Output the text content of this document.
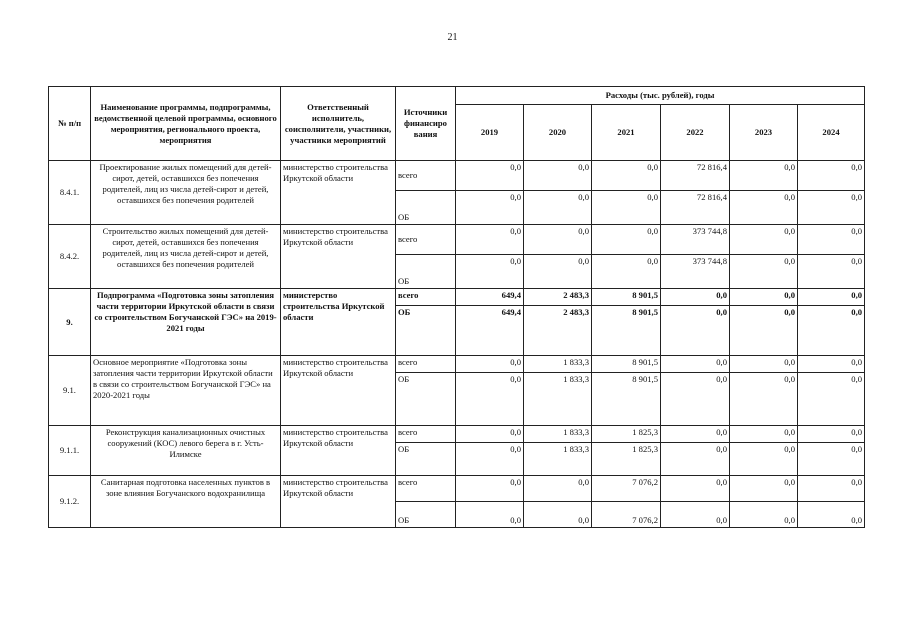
21
№ п/п	Наименование программы, подпрограммы, ведомственной целевой программы, основного мероприятия, регионального проекта, мероприятия	Ответственный исполнитель, соисполнители, участники, участники мероприятий	Источники финансиро вания	Расходы (тыс. рублей), годы					
				2019	2020	2021	2022	2023	2024
8.4.1.	Проектирование жилых помещений для детей-сирот, детей, оставшихся без попечения родителей, лиц из числа детей-сирот и детей, оставшихся без попечения родителей	министерство строительства Иркутской области	всего	0,0	0,0	0,0	72 816,4	0,0	0,0
			ОБ	0,0	0,0	0,0	72 816,4	0,0	0,0
8.4.2.	Строительство жилых помещений для детей-сирот, детей, оставшихся без попечения родителей, лиц из числа детей-сирот и детей, оставшихся без попечения родителей	министерство строительства Иркутской области	всего	0,0	0,0	0,0	373 744,8	0,0	0,0
			ОБ	0,0	0,0	0,0	373 744,8	0,0	0,0
9.	Подпрограмма «Подготовка зоны затопления части территории Иркутской области в связи со строительством Богучанской ГЭС» на 2019-2021 годы	министерство строительства Иркутской области	всего	649,4	2 483,3	8 901,5	0,0	0,0	0,0
			ОБ	649,4	2 483,3	8 901,5	0,0	0,0	0,0
9.1.	Основное мероприятие «Подготовка зоны затопления части территории Иркутской области в связи со строительством Богучанской ГЭС» на 2020-2021 годы	министерство строительства Иркутской области	всего	0,0	1 833,3	8 901,5	0,0	0,0	0,0
			ОБ	0,0	1 833,3	8 901,5	0,0	0,0	0,0
9.1.1.	Реконструкция канализационных очистных сооружений (КОС) левого берега в г. Усть-Илимске	министерство строительства Иркутской области	всего	0,0	1 833,3	1 825,3	0,0	0,0	0,0
			ОБ	0,0	1 833,3	1 825,3	0,0	0,0	0,0
9.1.2.	Санитарная подготовка населенных пунктов в зоне влияния Богучанского водохранилища	министерство строительства Иркутской области	всего	0,0	0,0	7 076,2	0,0	0,0	0,0
			ОБ	0,0	0,0	7 076,2	0,0	0,0	0,0
